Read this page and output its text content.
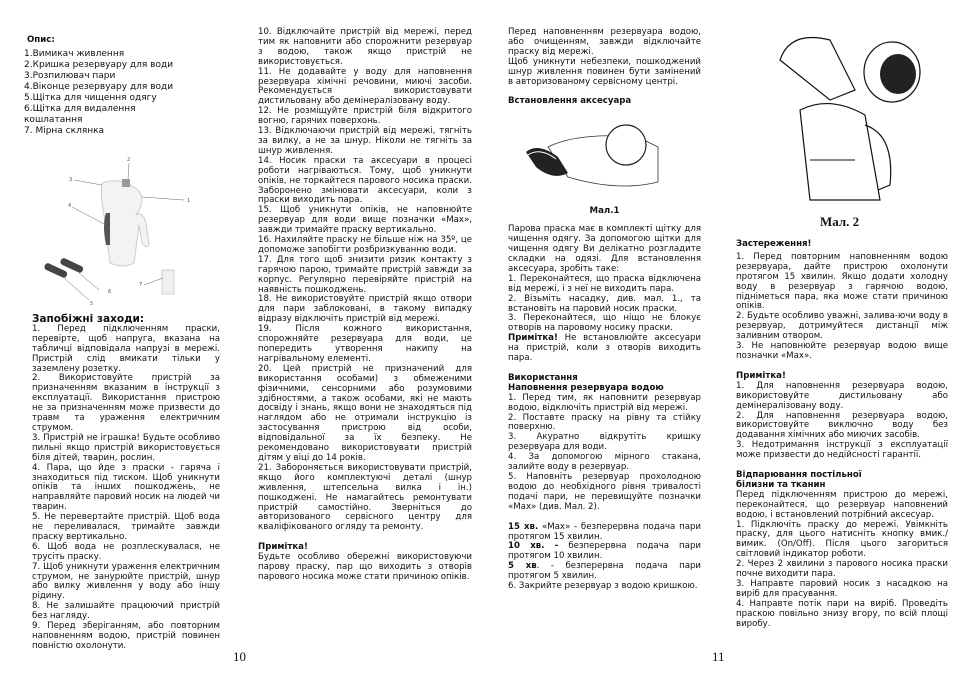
Опис:

1.Вимикач живлення

2.Кришка резервуару для води

3.Розпилювач пари

4.Віконце резервуару для води

5.Щітка для чищення одягу

6.Щітка для видалення кошлатання

7. Мірна склянка

1
2
3
4
5
6
7

Запобіжні заходи:

1. Перед підключенням праски, перевірте, щоб напруга, вказана на табличці відповідала напрузі в мережі. Пристрій слід вмикати тільки у заземлену розетку.

2. Використовуйте пристрій за призначенням вказаним в інструкції з експлуатації. Використання пристрою не за призначенням може призвести до травм та ураження електричним струмом.

3. Пристрій не іграшка! Будьте особливо пильні якщо пристрій використовується біля дітей, тварин, рослин.

4. Пара, що йде з праски - гаряча і знаходиться під тиском. Щоб уникнути опіків та інших пошкоджень, не направляйте паровий носик на людей чи тварин.

5. Не перевертайте пристрій. Щоб вода не переливалася, тримайте завжди праску вертикально.

6. Щоб вода не розплескувалася, не трусіть праску.

7. Щоб уникнути ураження електричним струмом, не занурюйте пристрій, шнур або вилку живлення у воду або іншу рідину.

8. Не залишайте працюючий пристрій без нагляду.

9. Перед зберіганням, або повторним наповненням водою, пристрій повинен повністю охолонути.

10. Відключайте пристрій від мережі, перед тим як наповнити або спорожнити резервуар з водою, також якщо пристрій не використовується.

11. Не додавайте у воду для наповнення резервуара хімічні речовини, миючі засоби. Рекомендується використовувати дистильовану або демінералізовану воду.

12. Не розміщуйте пристрій біля відкритого вогню, гарячих поверхонь.

13. Відключаючи пристрій від мережі, тягніть за вилку, а не за шнур. Ніколи не тягніть за шнур живлення.

14. Носик праски та аксесуари в процесі роботи нагріваються. Тому, щоб уникнути опіків, не торкайтеся парового носика праски. Заборонено змінювати аксесуари, коли з праски виходить пара.

15. Щоб уникнути опіків, не наповнюйте резервуар для води вище позначки «Max», завжди тримайте праску вертикально.

16. Нахиляйте праску не більше ніж на 35º, це допоможе запобігти розбризкуванню води.

17. Для того щоб знизити ризик контакту з гарячою парою, тримайте пристрій завжди за корпус. Регулярно перевіряйте пристрій на наявність пошкоджень.

18. Не використовуйте пристрій якщо отвори для пари заблоковані, в такому випадку відразу відключіть пристрій від мережі.

19. Після кожного використання, спорожняйте резервуара для води, це попередить утворення накипу на нагрівальному елементі.

20. Цей пристрій не призначений для використання особами) з обмеженими фізичними, сенсорними або розумовими здібностями, а також особами, які не мають досвіду і знань, якщо вони не знаходяться під наглядом або не отримали інструкцію із застосування пристрою від особи, відповідальної за їх безпеку. Не рекомендовано використовувати пристрій дітям у віці до 14 років.

21. Забороняється використовувати пристрій, якщо його комплектуючі деталі (шнур живлення, штепсельна вилка і ін.) пошкоджені. Не намагайтесь ремонтувати пристрій самостійно. Зверніться до авторизованого сервісного центру для кваліфікованого огляду та ремонту.

Примітка!

Будьте особливо обережні використовуючи парову праску, пар що виходить з отворів парового носика може стати причиною опіків.

Перед наповненням резервуара водою, або очищенням, завжди відключайте праску від мережі.

Щоб уникнути небезпеки, пошкоджений шнур живлення повинен бути замінений в авторизованому сервісному центрі.

Встановлення аксесуара

Мал.1

Парова праска має в комплекті щітку для чищення одягу. За допомогою щітки для чищення одягу Ви делікатно розгладите складки на одязі. Для встановлення аксесуара, зробіть таке:

1. Переконайтеся, що праска відключена від мережі, і з неї не виходить пара.

2. Візьміть насадку, див. мал. 1., та встановіть на паровий носик праски.

3. Переконайтеся, що ніщо не блокує отворів на паровому носику праски.

Примітка! Не встановлюйте аксесуари на пристрій, коли з отворів виходить пара.

Використання

Наповнення резервуара водою

1. Перед тим, як наповнити резервуар водою, відключіть пристрій від мережі.

2. Поставте праску на рівну та стійку поверхню.

3. Акуратно відкрутіть кришку резервуара для води.

4. За допомогою мірного стакана, залийте воду в резервуар.

5. Наповніть резервуар прохолодною водою до необхідного рівня тривалості подачі пари, не перевищуйте позначки «Max» (див. Мал. 2).

15 хв. «Max» - безперервна подача пари протягом 15 хвилин.

10 хв. - безперервна подача пари протягом 10 хвилин.

5 хв. - безперервна подача пари протягом 5 хвилин.

6. Закрийте резервуар з водою кришкою.

Мал. 2

Застереження!

1. Перед повторним наповненням водою резервуара, дайте пристрою охолонути протягом 15 хвилин. Якщо додати холодну воду в резервуар з гарячою водою, підніметься пара, яка може стати причиною опіків.

2. Будьте особливо уважні, залива-ючи воду в резервуар, дотримуйтеся дистанції між заливним отвором.

3. Не наповнюйте резервуар водою вище позначки «Max».

Примітка!

1. Для наповнення резервуара водою, використовуйте дистильовану або демінералізовану воду.

2. Для наповнення резервуара водою, використовуйте виключно воду без додавання хімічних або миючих засобів.

3. Недотримання інструкції з експлуатації може призвести до недійсності гарантії.

Відпарювання постільної білизни та тканин

Перед підключенням пристрою до мережі, переконайтеся, що резервуар наповнений водою, і встановлений потрібний аксесуар.

1. Підключіть праску до мережі. Увімкніть праску, для цього натисніть кнопку вмик./вимик. (On/Off). Після цього загориться світловий індикатор роботи.

2. Через 2 хвилини з парового носика праски почне виходити пара.

3. Направте паровий носик з насадкою на виріб для прасування.

4. Направте потік пари на виріб. Проведіть праскою повільно знизу вгору, по всій площі виробу.

10	11
